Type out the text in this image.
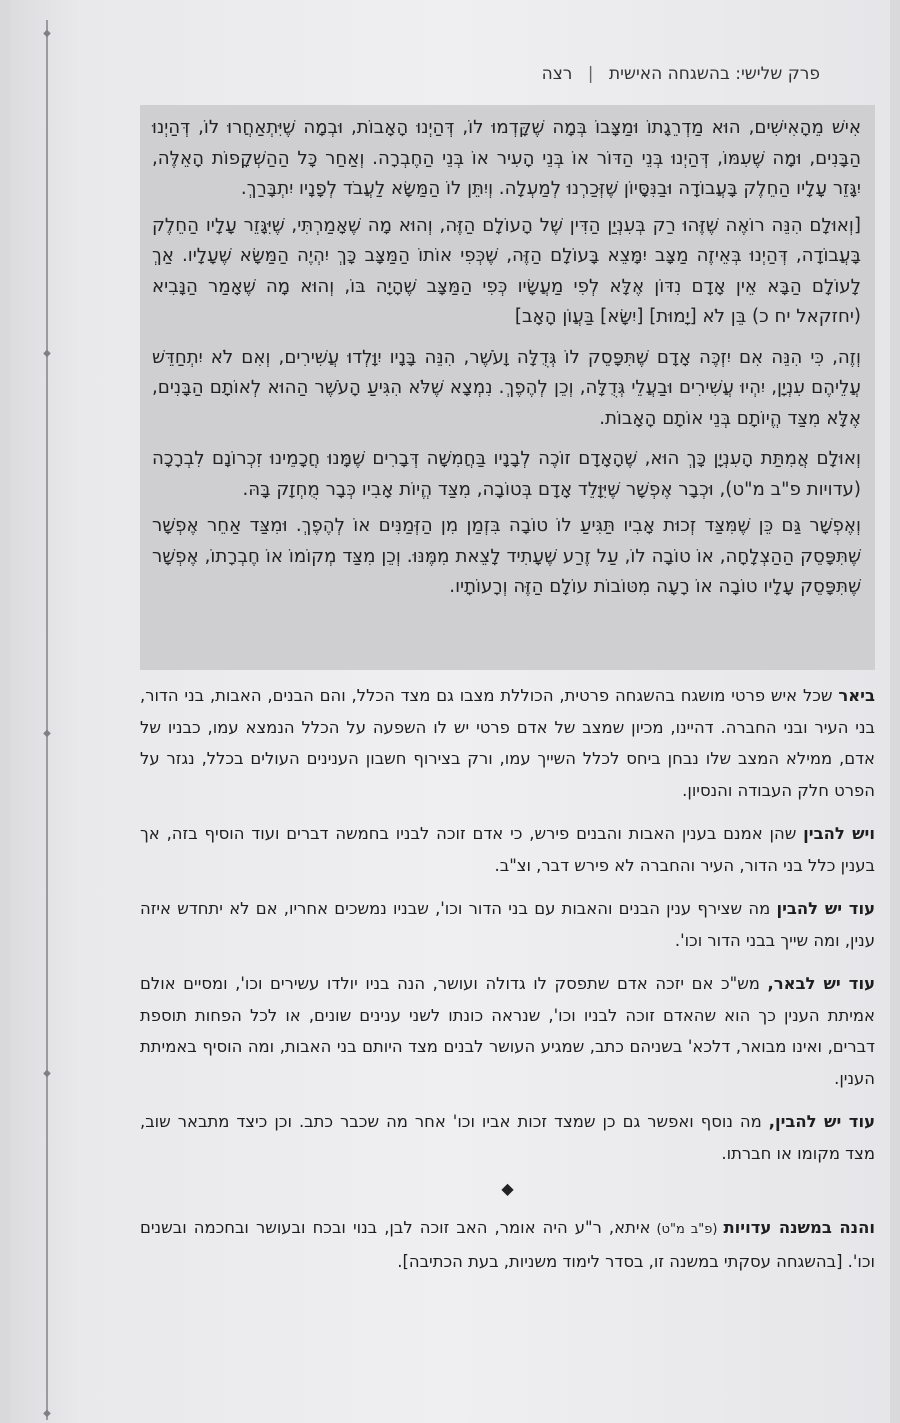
◆
◆
◆
◆
◆
פרק שלישי: בהשגחה האישית | רצה

אִישׁ מֵהָאִישִׁים, הוּא מַדְרֵגָתוֹ וּמַצָּבוֹ בְּמָה שֶׁקָּדְמוּ לוֹ, דְּהַיְנוּ הָאָבוֹת, וּבְמָה שֶׁיִּתְאַחֲרוּ לוֹ, דְּהַיְנוּ הַבָּנִים, וּמָה שֶׁעִמּוֹ, דְּהַיְנוּ בְּנֵי הַדּוֹר אוֹ בְּנֵי הָעִיר אוֹ בְּנֵי הַחֶבְרָה. וְאַחַר כָּל הַהַשְׁקָפוֹת הָאֵלֶּה, יִגָּזֵר עָלָיו הַחֵלֶק בָּעֲבוֹדָה וּבַנִּסָּיוֹן שֶׁזְּכַרְנוּ לְמַעְלָה. וְיִתֵּן לוֹ הַמַּשָּׂא לַעֲבֹד לְפָנָיו יִתְבָּרַךְ.

[וְאוּלָם הִנֵּה רוֹאֶה שֶׁזֶּהוּ רַק בְּעִנְיַן הַדִּין שֶׁל הָעוֹלָם הַזֶּה, וְהוּא מָה שֶׁאָמַרְתִּי, שֶׁיִּגָּזֵר עָלָיו הַחֵלֶק בָּעֲבוֹדָה, דְּהַיְנוּ בְּאֵיזֶה מַצָּב יִמָּצֵא בָּעוֹלָם הַזֶּה, שֶׁכְּפִי אוֹתוֹ הַמַּצָּב כָּךְ יִהְיֶה הַמַּשָּׂא שֶׁעָלָיו. אַךְ לָעוֹלָם הַבָּא אֵין אָדָם נִדּוֹן אֶלָּא לְפִי מַעֲשָׂיו כְּפִי הַמַּצָּב שֶׁהָיָה בּוֹ, וְהוּא מָה שֶׁאָמַר הַנָּבִיא (יחזקאל יח כ) בֵּן לֹא [יָמוּת] [יִשָּׂא] בַּעֲוֹן הָאָב]

וְזֶה, כִּי הִנֵּה אִם יִזְכֶּה אָדָם שֶׁתִּפָּסֵק לוֹ גְּדֻלָּה וָעֹשֶׁר, הִנֵּה בָּנָיו יִוָּלְדוּ עֲשִׁירִים, וְאִם לֹא יִתְחַדֵּשׁ עֲלֵיהֶם עִנְיָן, יִהְיוּ עֲשִׁירִים וּבַעֲלֵי גְּדֻלָּה, וְכֵן לְהֶפֶךְ. נִמְצָא שֶׁלֹּא הִגִּיעַ הָעֹשֶׁר הַהוּא לְאוֹתָם הַבָּנִים, אֶלָּא מִצַּד הֱיוֹתָם בְּנֵי אוֹתָם הָאָבוֹת.

וְאוּלָם אֲמִתַּת הָעִנְיָן כָּךְ הוּא, שֶׁהָאָדָם זוֹכֶה לְבָנָיו בַּחֲמִשָּׁה דְּבָרִים שֶׁמָּנוּ חֲכָמֵינוּ זִכְרוֹנָם לִבְרָכָה (עדויות פ"ב מ"ט), וּכְבָר אֶפְשָׁר שֶׁיִּוָּלֵד אָדָם בְּטוֹבָה, מִצַּד הֱיוֹת אָבִיו כְּבָר מֻחְזָק בָּהּ.

וְאֶפְשָׁר גַּם כֵּן שֶׁמִּצַּד זְכוּת אָבִיו תַּגִּיעַ לוֹ טוֹבָה בִּזְמַן מִן הַזְּמַנִּים אוֹ לְהֶפֶךְ. וּמִצַּד אַחֵר אֶפְשָׁר שֶׁתִּפָּסֵק הַהַצְלָחָה, אוֹ טוֹבָה לוֹ, עַל זֶרַע שֶׁעָתִיד לָצֵאת מִמֶּנּוּ. וְכֵן מִצַּד מְקוֹמוֹ אוֹ חֶבְרָתוֹ, אֶפְשָׁר שֶׁתִּפָּסֵק עָלָיו טוֹבָה אוֹ רָעָה מִטּוֹבוֹת עוֹלָם הַזֶּה וְרָעוֹתָיו.

ביאר שכל איש פרטי מושגח בהשגחה פרטית, הכוללת מצבו גם מצד הכלל, והם הבנים, האבות, בני הדור, בני העיר ובני החברה. דהיינו, מכיון שמצב של אדם פרטי יש לו השפעה על הכלל הנמצא עמו, כבניו של אדם, ממילא המצב שלו נבחן ביחס לכלל השייך עמו, ורק בצירוף חשבון הענינים העולים בכלל, נגזר על הפרט חלק העבודה והנסיון.

ויש להבין שהן אמנם בענין האבות והבנים פירש, כי אדם זוכה לבניו בחמשה דברים ועוד הוסיף בזה, אך בענין כלל בני הדור, העיר והחברה לא פירש דבר, וצ"ב.

עוד יש להבין מה שצירף ענין הבנים והאבות עם בני הדור וכו', שבניו נמשכים אחריו, אם לא יתחדש איזה ענין, ומה שייך בבני הדור וכו'.

עוד יש לבאר, מש"כ אם יזכה אדם שתפסק לו גדולה ועושר, הנה בניו יולדו עשירים וכו', ומסיים אולם אמיתת הענין כך הוא שהאדם זוכה לבניו וכו', שנראה כונתו לשני ענינים שונים, או לכל הפחות תוספת דברים, ואינו מבואר, דלכא' בשניהם כתב, שמגיע העושר לבנים מצד היותם בני האבות, ומה הוסיף באמיתת הענין.

עוד יש להבין, מה נוסף ואפשר גם כן שמצד זכות אביו וכו' אחר מה שכבר כתב. וכן כיצד מתבאר שוב, מצד מקומו או חברתו.

◆

והנה במשנה עדויות (פ"ב מ"ט) איתא, ר"ע היה אומר, האב זוכה לבן, בנוי ובכח ובעושר ובחכמה ובשנים וכו'. [בהשגחה עסקתי במשנה זו, בסדר לימוד משניות, בעת הכתיבה].
